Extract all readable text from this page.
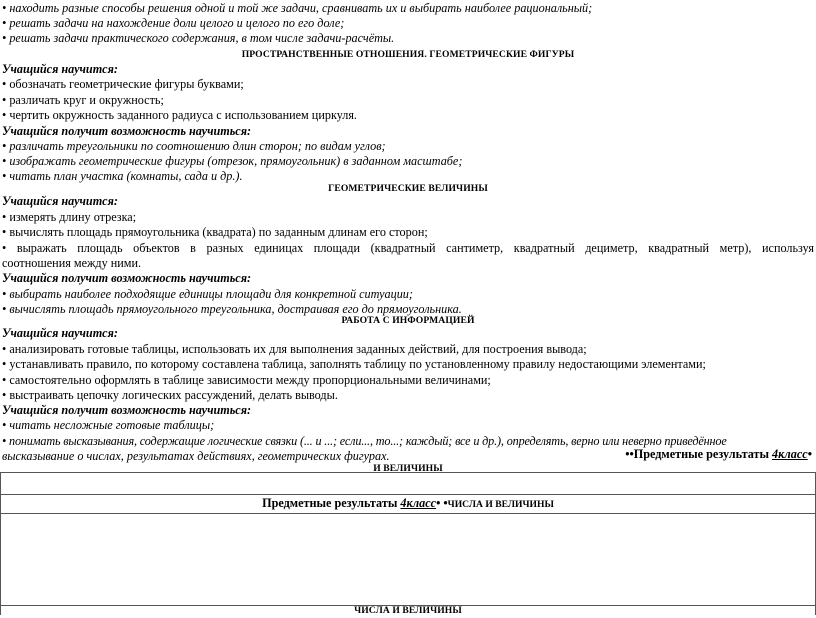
• находить разные способы решения одной и той же задачи, сравнивать их и выбирать наиболее рациональный;
• решать задачи на нахождение доли целого и целого по его доле;
• решать задачи практического содержания, в том числе задачи-расчёты.
ПРОСТРАНСТВЕННЫЕ ОТНОШЕНИЯ. ГЕОМЕТРИЧЕСКИЕ ФИГУРЫ
Учащийся научится:
• обозначать геометрические фигуры буквами;
• различать круг и окружность;
• чертить окружность заданного радиуса с использованием циркуля.
Учащийся получит возможность научиться:
• различать треугольники по соотношению длин сторон; по видам углов;
• изображать геометрические фигуры (отрезок, прямоугольник) в заданном масштабе;
• читать план участка (комнаты, сада и др.).
ГЕОМЕТРИЧЕСКИЕ ВЕЛИЧИНЫ
Учащийся научится:
• измерять длину отрезка;
• вычислять площадь прямоугольника (квадрата) по заданным длинам его сторон;
• выражать площадь объектов в разных единицах площади (квадратный сантиметр, квадратный дециметр, квадратный метр), используя
соотношения между ними.
Учащийся получит возможность научиться:
• выбирать наиболее подходящие единицы площади для конкретной ситуации;
• вычислять площадь прямоугольного треугольника, достраивая его до прямоугольника.
РАБОТА С ИНФОРМАЦИЕЙ
Учащийся научится:
• анализировать готовые таблицы, использовать их для выполнения заданных действий, для построения вывода;
• устанавливать правило, по которому составлена таблица, заполнять таблицу по установленному правилу недостающими элементами;
• самостоятельно оформлять в таблице зависимости между пропорциональными величинами;
• выстраивать цепочку логических рассуждений, делать выводы.
Учащийся получит возможность научиться:
• читать несложные готовые таблицы;
• понимать высказывания, содержащие логические связки (... и ...; если..., то...; каждый; все и др.), определять, верно или неверно приведённое
высказывание о числах, результатах действиях, геометрических фигурах.	••Предметные результаты 4класс•
И ВЕЛИЧИНЫ
Предметные результаты 4класс• •ЧИСЛА И ВЕЛИЧИНЫ
ЧИСЛА И ВЕЛИЧИНЫ
